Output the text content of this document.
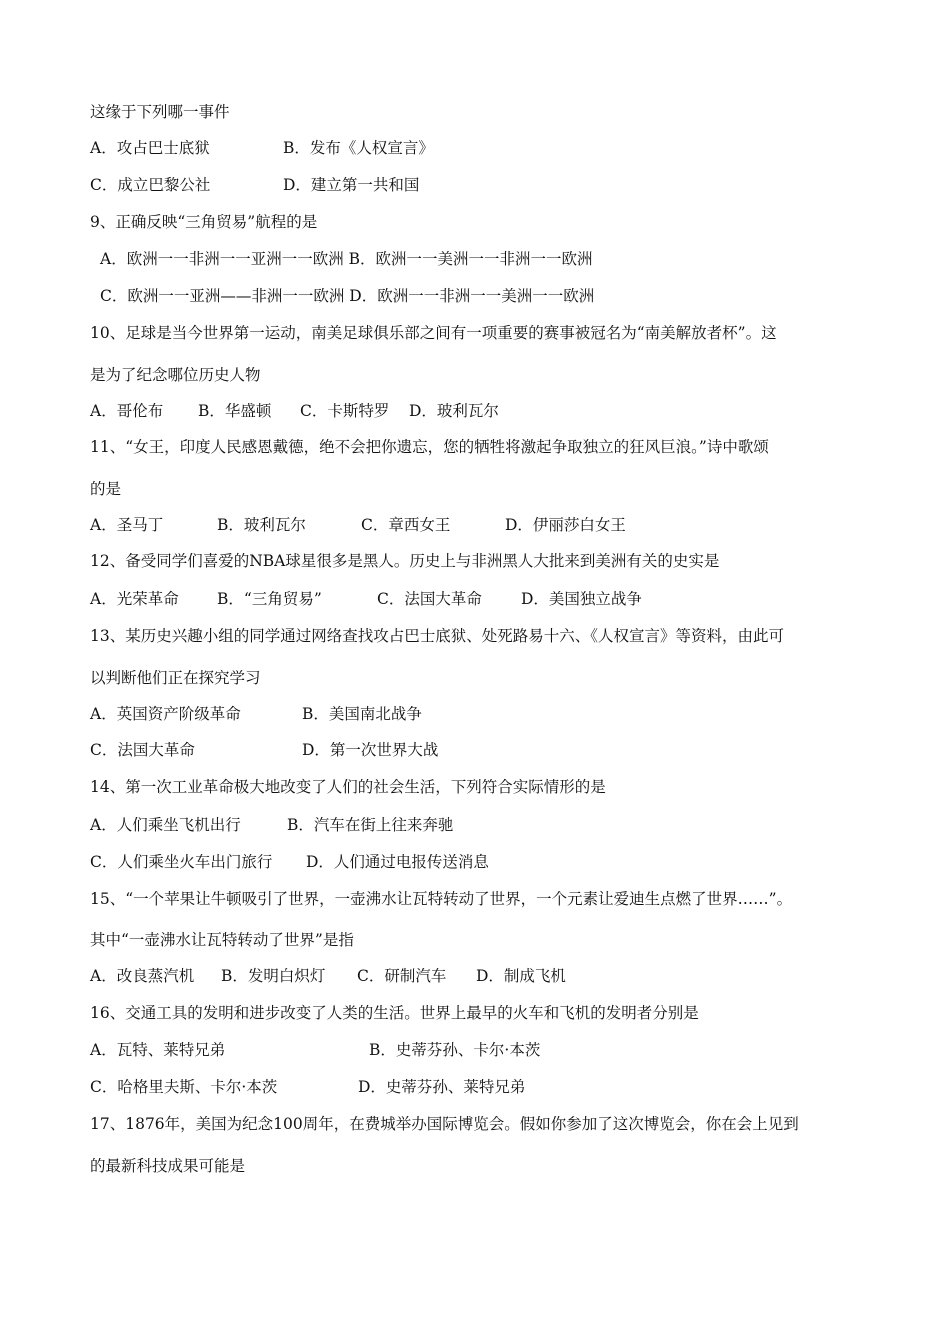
这缘于下列哪一事件
A．攻占巴士底狱	B．发布《人权宣言》
C．成立巴黎公社	D．建立第一共和国
9、正确反映“三角贸易”航程的是
A．欧洲一一非洲一一亚洲一一欧洲 B．欧洲一一美洲一一非洲一一欧洲
C．欧洲一一亚洲——非洲一一欧洲 D．欧洲一一非洲一一美洲一一欧洲
10、足球是当今世界第一运动，南美足球俱乐部之间有一项重要的赛事被冠名为“南美解放者杯”。这
是为了纪念哪位历史人物
A．哥伦布 B．华盛顿 C．卡斯特罗 D．玻利瓦尔
11、“女王，印度人民感恩戴德，绝不会把你遗忘，您的牺牲将激起争取独立的狂风巨浪。”诗中歌颂
的是
A．圣马丁	B．玻利瓦尔	C．章西女王	D．伊丽莎白女王
12、备受同学们喜爱的NBA球星很多是黑人。历史上与非洲黑人大批来到美洲有关的史实是
A．光荣革命 B．“三角贸易”	C．法国大革命	D．美国独立战争
13、某历史兴趣小组的同学通过网络查找攻占巴士底狱、处死路易十六、《人权宣言》等资料，由此可
以判断他们正在探究学习
A．英国资产阶级革命	B．美国南北战争
C．法国大革命	D．第一次世界大战
14、第一次工业革命极大地改变了人们的社会生活，下列符合实际情形的是
A．人们乘坐飞机出行	B．汽车在街上往来奔驰
C．人们乘坐火车出门旅行 D．人们通过电报传送消息
15、“一个苹果让牛顿吸引了世界，一壶沸水让瓦特转动了世界，一个元素让爱迪生点燃了世界……”。
其中“一壶沸水让瓦特转动了世界”是指
A．改良蒸汽机 B．发明白炽灯 C．研制汽车 D．制成飞机
16、交通工具的发明和进步改变了人类的生活。世界上最早的火车和飞机的发明者分别是
A．瓦特、莱特兄弟	B．史蒂芬孙、卡尔·本茨
C．哈格里夫斯、卡尔·本茨	D．史蒂芬孙、莱特兄弟
17、1876年，美国为纪念100周年，在费城举办国际博览会。假如你参加了这次博览会，你在会上见到
的最新科技成果可能是
